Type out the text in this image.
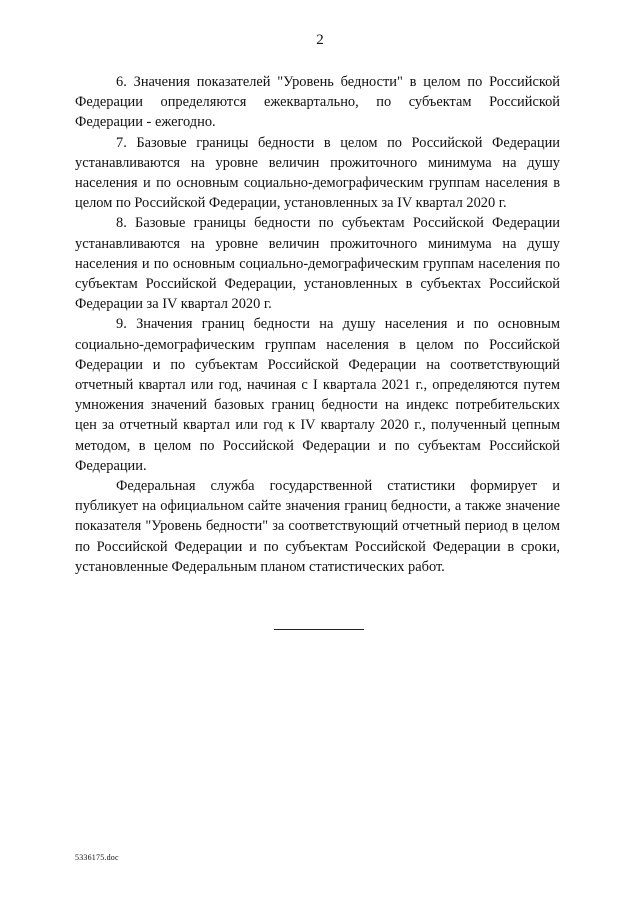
2

6. Значения показателей "Уровень бедности" в целом по Российской Федерации определяются ежеквартально, по субъектам Российской Федерации - ежегодно.

7. Базовые границы бедности в целом по Российской Федерации устанавливаются на уровне величин прожиточного минимума на душу населения и по основным социально-демографическим группам населения в целом по Российской Федерации, установленных за IV квартал 2020 г.

8. Базовые границы бедности по субъектам Российской Федерации устанавливаются на уровне величин прожиточного минимума на душу населения и по основным социально-демографическим группам населения по субъектам Российской Федерации, установленных в субъектах Российской Федерации за IV квартал 2020 г.

9. Значения границ бедности на душу населения и по основным социально-демографическим группам населения в целом по Российской Федерации и по субъектам Российской Федерации на соответствующий отчетный квартал или год, начиная с I квартала 2021 г., определяются путем умножения значений базовых границ бедности на индекс потребительских цен за отчетный квартал или год к IV кварталу 2020 г., полученный цепным методом, в целом по Российской Федерации и по субъектам Российской Федерации.

Федеральная служба государственной статистики формирует и публикует на официальном сайте значения границ бедности, а также значение показателя "Уровень бедности" за соответствующий отчетный период в целом по Российской Федерации и по субъектам Российской Федерации в сроки, установленные Федеральным планом статистических работ.

5336175.doc
